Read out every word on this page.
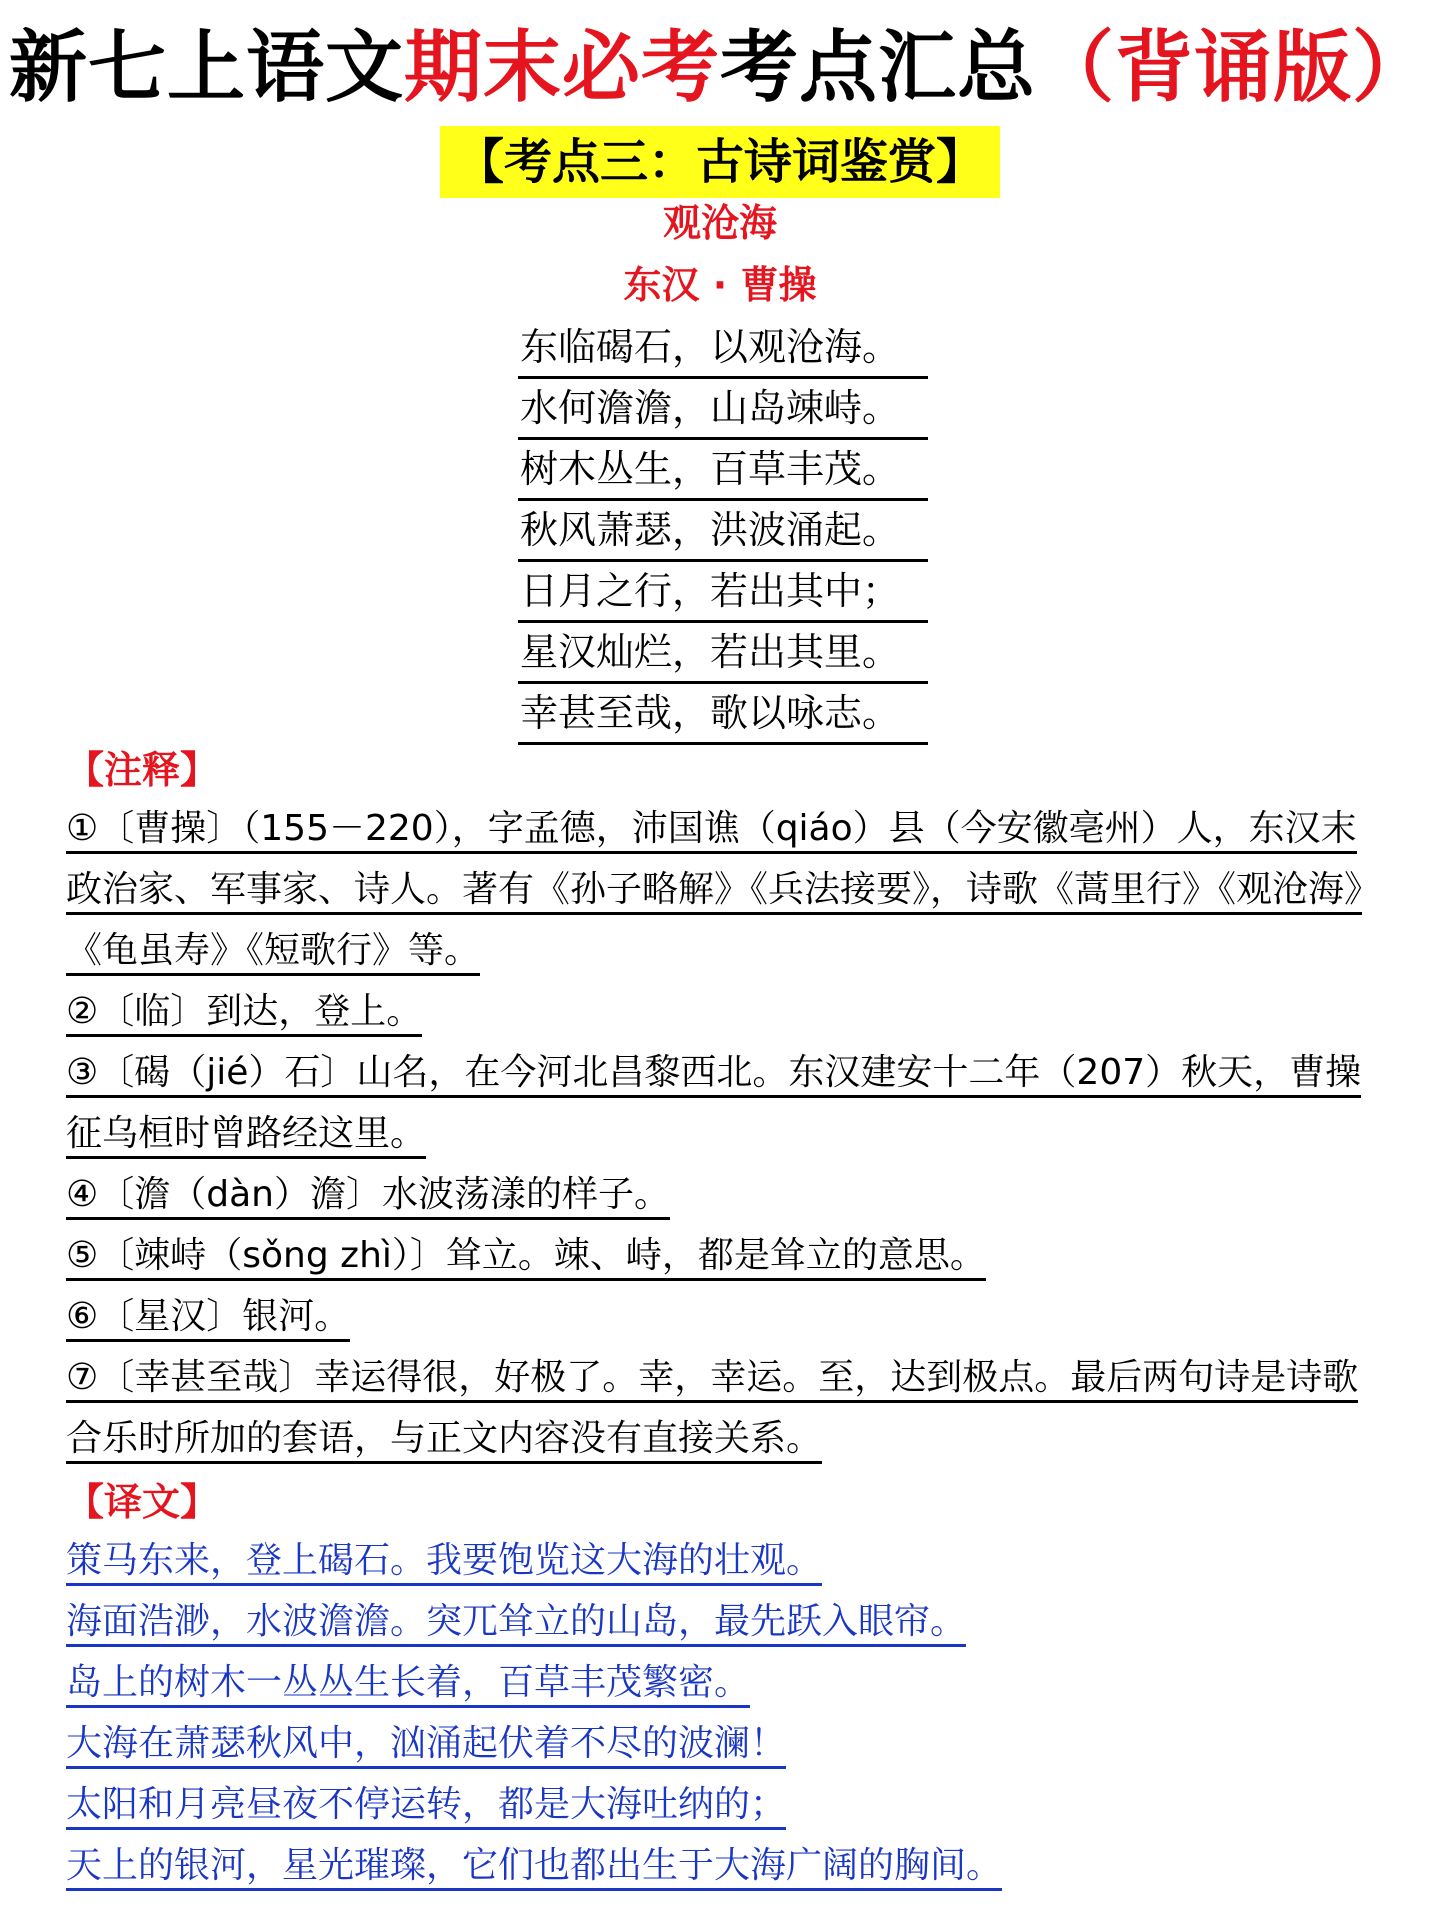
新七上语文期末必考考点汇总（背诵版）
【考点三：古诗词鉴赏】
观沧海
东汉 · 曹操
东临碣石，以观沧海。
水何澹澹，山岛竦峙。
树木丛生，百草丰茂。
秋风萧瑟，洪波涌起。
日月之行，若出其中；
星汉灿烂，若出其里。
幸甚至哉，歌以咏志。
【注释】

①〔曹操〕（155－220），字孟德，沛国谯（qiáo）县（今安徽亳州）人，东汉末政治家、军事家、诗人。著有《孙子略解》《兵法接要》，诗歌《蒿里行》《观沧海》《龟虽寿》《短歌行》等。

②〔临〕到达，登上。

③〔碣（jié）石〕山名，在今河北昌黎西北。东汉建安十二年（207）秋天，曹操征乌桓时曾路经这里。

④〔澹（dàn）澹〕水波荡漾的样子。

⑤〔竦峙（sǒng zhì）〕耸立。竦、峙，都是耸立的意思。

⑥〔星汉〕银河。

⑦〔幸甚至哉〕幸运得很，好极了。幸，幸运。至，达到极点。最后两句诗是诗歌合乐时所加的套语，与正文内容没有直接关系。

【译文】
策马东来，登上碣石。我要饱览这大海的壮观。
海面浩渺，水波澹澹。突兀耸立的山岛，最先跃入眼帘。
岛上的树木一丛丛生长着，百草丰茂繁密。
大海在萧瑟秋风中，汹涌起伏着不尽的波澜！
太阳和月亮昼夜不停运转，都是大海吐纳的；
天上的银河，星光璀璨，它们也都出生于大海广阔的胸间。
